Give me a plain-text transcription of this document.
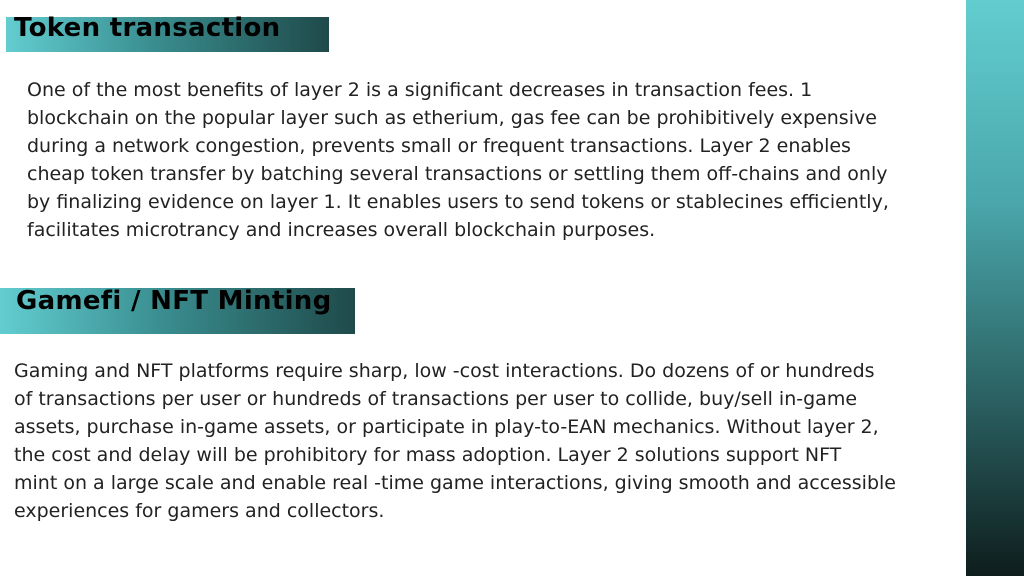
Token transaction

One of the most benefits of layer 2 is a significant decreases in transaction fees. 1
blockchain on the popular layer such as etherium, gas fee can be prohibitively expensive
during a network congestion, prevents small or frequent transactions. Layer 2 enables
cheap token transfer by batching several transactions or settling them off-chains and only
by finalizing evidence on layer 1. It enables users to send tokens or stablecines efficiently,
facilitates microtrancy and increases overall blockchain purposes.

Gamefi / NFT Minting

Gaming and NFT platforms require sharp, low -cost interactions. Do dozens of or hundreds
of transactions per user or hundreds of transactions per user to collide, buy/sell in-game
assets, purchase in-game assets, or participate in play-to-EAN mechanics. Without layer 2,
the cost and delay will be prohibitory for mass adoption. Layer 2 solutions support NFT
mint on a large scale and enable real -time game interactions, giving smooth and accessible
experiences for gamers and collectors.
